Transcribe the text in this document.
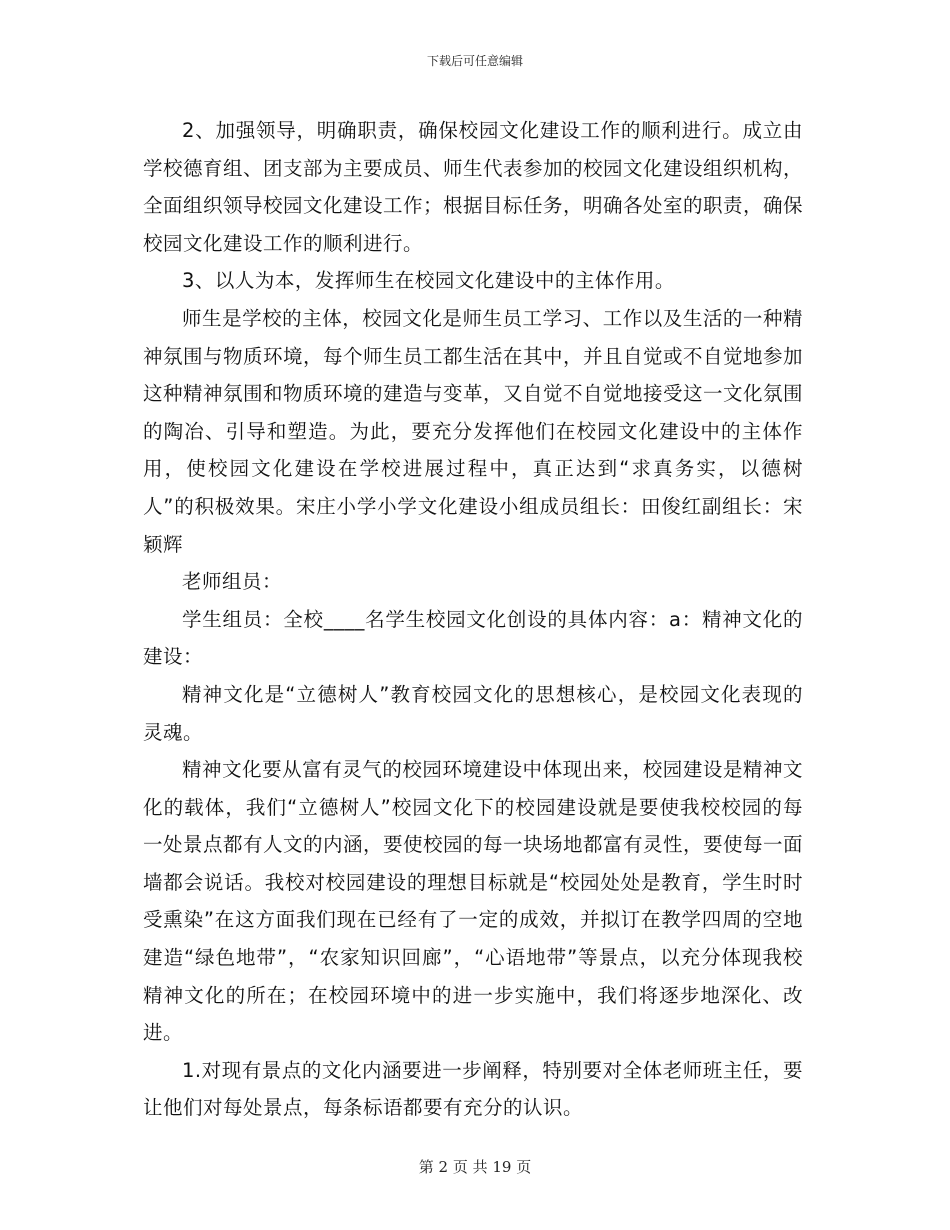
下载后可任意编辑

2、加强领导，明确职责，确保校园文化建设工作的顺利进行。成立由学校德育组、团支部为主要成员、师生代表参加的校园文化建设组织机构，全面组织领导校园文化建设工作；根据目标任务，明确各处室的职责，确保校园文化建设工作的顺利进行。

3、以人为本，发挥师生在校园文化建设中的主体作用。

师生是学校的主体，校园文化是师生员工学习、工作以及生活的一种精神氛围与物质环境，每个师生员工都生活在其中，并且自觉或不自觉地参加这种精神氛围和物质环境的建造与变革，又自觉不自觉地接受这一文化氛围的陶冶、引导和塑造。为此，要充分发挥他们在校园文化建设中的主体作用，使校园文化建设在学校进展过程中，真正达到“求真务实，以德树人”的积极效果。宋庄小学小学文化建设小组成员组长：田俊红副组长：宋颖辉

老师组员：

学生组员：全校____名学生校园文化创设的具体内容：a：精神文化的建设：

精神文化是“立德树人”教育校园文化的思想核心，是校园文化表现的灵魂。

精神文化要从富有灵气的校园环境建设中体现出来，校园建设是精神文化的载体，我们“立德树人”校园文化下的校园建设就是要使我校校园的每一处景点都有人文的内涵，要使校园的每一块场地都富有灵性，要使每一面墙都会说话。我校对校园建设的理想目标就是“校园处处是教育，学生时时受熏染”在这方面我们现在已经有了一定的成效，并拟订在教学四周的空地建造“绿色地带”，“农家知识回廊”，“心语地带”等景点，以充分体现我校精神文化的所在；在校园环境中的进一步实施中，我们将逐步地深化、改进。

1.对现有景点的文化内涵要进一步阐释，特别要对全体老师班主任，要让他们对每处景点，每条标语都要有充分的认识。

第 2 页 共 19 页
